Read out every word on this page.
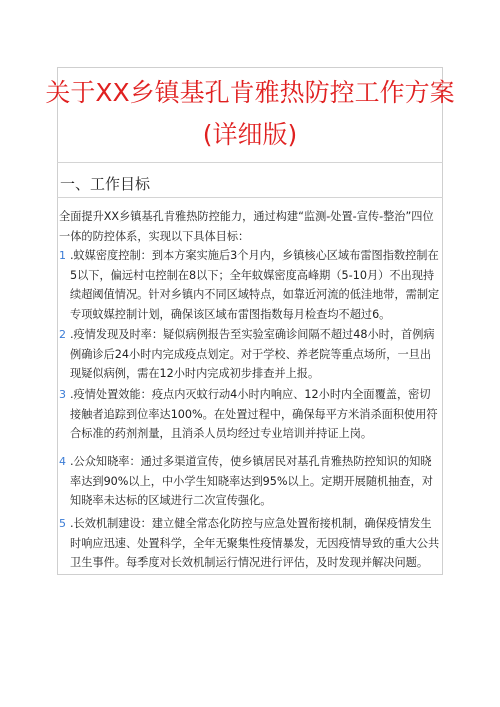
关于XX乡镇基孔肯雅热防控工作方案
(详细版)
一、工作目标
全面提升XX乡镇基孔肯雅热防控能力，通过构建“监测-处置-宣传-整治”四位一体的防控体系，实现以下具体目标：
1 .蚊媒密度控制：到本方案实施后3个月内，乡镇核心区域布雷图指数控制在5以下，偏远村屯控制在8以下；全年蚊媒密度高峰期（5-10月）不出现持续超阈值情况。针对乡镇内不同区域特点，如靠近河流的低洼地带，需制定专项蚊媒控制计划，确保该区域布雷图指数每月检查均不超过6。
2 .疫情发现及时率：疑似病例报告至实验室确诊间隔不超过48小时，首例病例确诊后24小时内完成疫点划定。对于学校、养老院等重点场所，一旦出现疑似病例，需在12小时内完成初步排查并上报。
3 .疫情处置效能：疫点内灭蚊行动4小时内响应、12小时内全面覆盖，密切接触者追踪到位率达100%。在处置过程中，确保每平方米消杀面积使用符合标准的药剂剂量，且消杀人员均经过专业培训并持证上岗。
4 .公众知晓率：通过多渠道宣传，使乡镇居民对基孔肯雅热防控知识的知晓率达到90%以上，中小学生知晓率达到95%以上。定期开展随机抽查，对知晓率未达标的区域进行二次宣传强化。
5 .长效机制建设：建立健全常态化防控与应急处置衔接机制，确保疫情发生时响应迅速、处置科学，全年无聚集性疫情暴发，无因疫情导致的重大公共卫生事件。每季度对长效机制运行情况进行评估，及时发现并解决问题。
